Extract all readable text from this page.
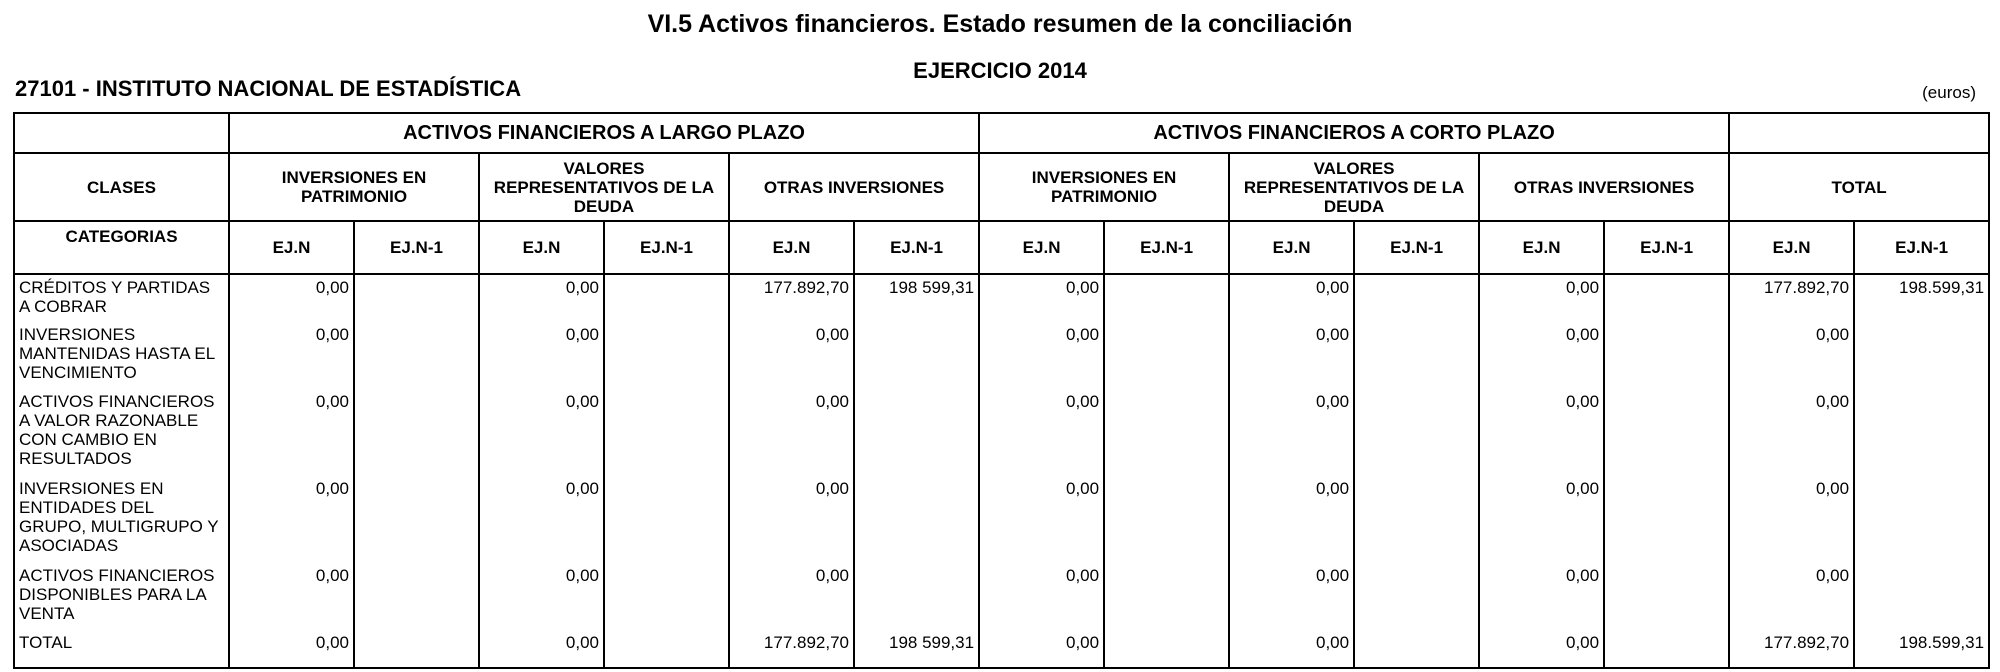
VI.5 Activos financieros. Estado resumen de la conciliación
EJERCICIO 2014
27101 - INSTITUTO NACIONAL DE ESTADÍSTICA	(euros)
	ACTIVOS FINANCIEROS A LARGO PLAZO						ACTIVOS FINANCIEROS A CORTO PLAZO							
CLASES	INVERSIONES EN PATRIMONIO		VALORES REPRESENTATIVOS DE LA DEUDA		OTRAS INVERSIONES		INVERSIONES EN PATRIMONIO		VALORES REPRESENTATIVOS DE LA DEUDA		OTRAS INVERSIONES		TOTAL	
CATEGORIAS	EJ.N	EJ.N-1	EJ.N	EJ.N-1	EJ.N	EJ.N-1	EJ.N	EJ.N-1	EJ.N	EJ.N-1	EJ.N	EJ.N-1	EJ.N	EJ.N-1
CRÉDITOS Y PARTIDAS A COBRAR	0,00		0,00		177.892,70	198 599,31	0,00		0,00		0,00		177.892,70	198.599,31
INVERSIONES MANTENIDAS HASTA EL VENCIMIENTO	0,00		0,00		0,00		0,00		0,00		0,00		0,00	
ACTIVOS FINANCIEROS A VALOR RAZONABLE CON CAMBIO EN RESULTADOS	0,00		0,00		0,00		0,00		0,00		0,00		0,00	
INVERSIONES EN ENTIDADES DEL GRUPO, MULTIGRUPO Y ASOCIADAS	0,00		0,00		0,00		0,00		0,00		0,00		0,00	
ACTIVOS FINANCIEROS DISPONIBLES PARA LA VENTA	0,00		0,00		0,00		0,00		0,00		0,00		0,00	
TOTAL	0,00		0,00		177.892,70	198 599,31	0,00		0,00		0,00		177.892,70	198.599,31
